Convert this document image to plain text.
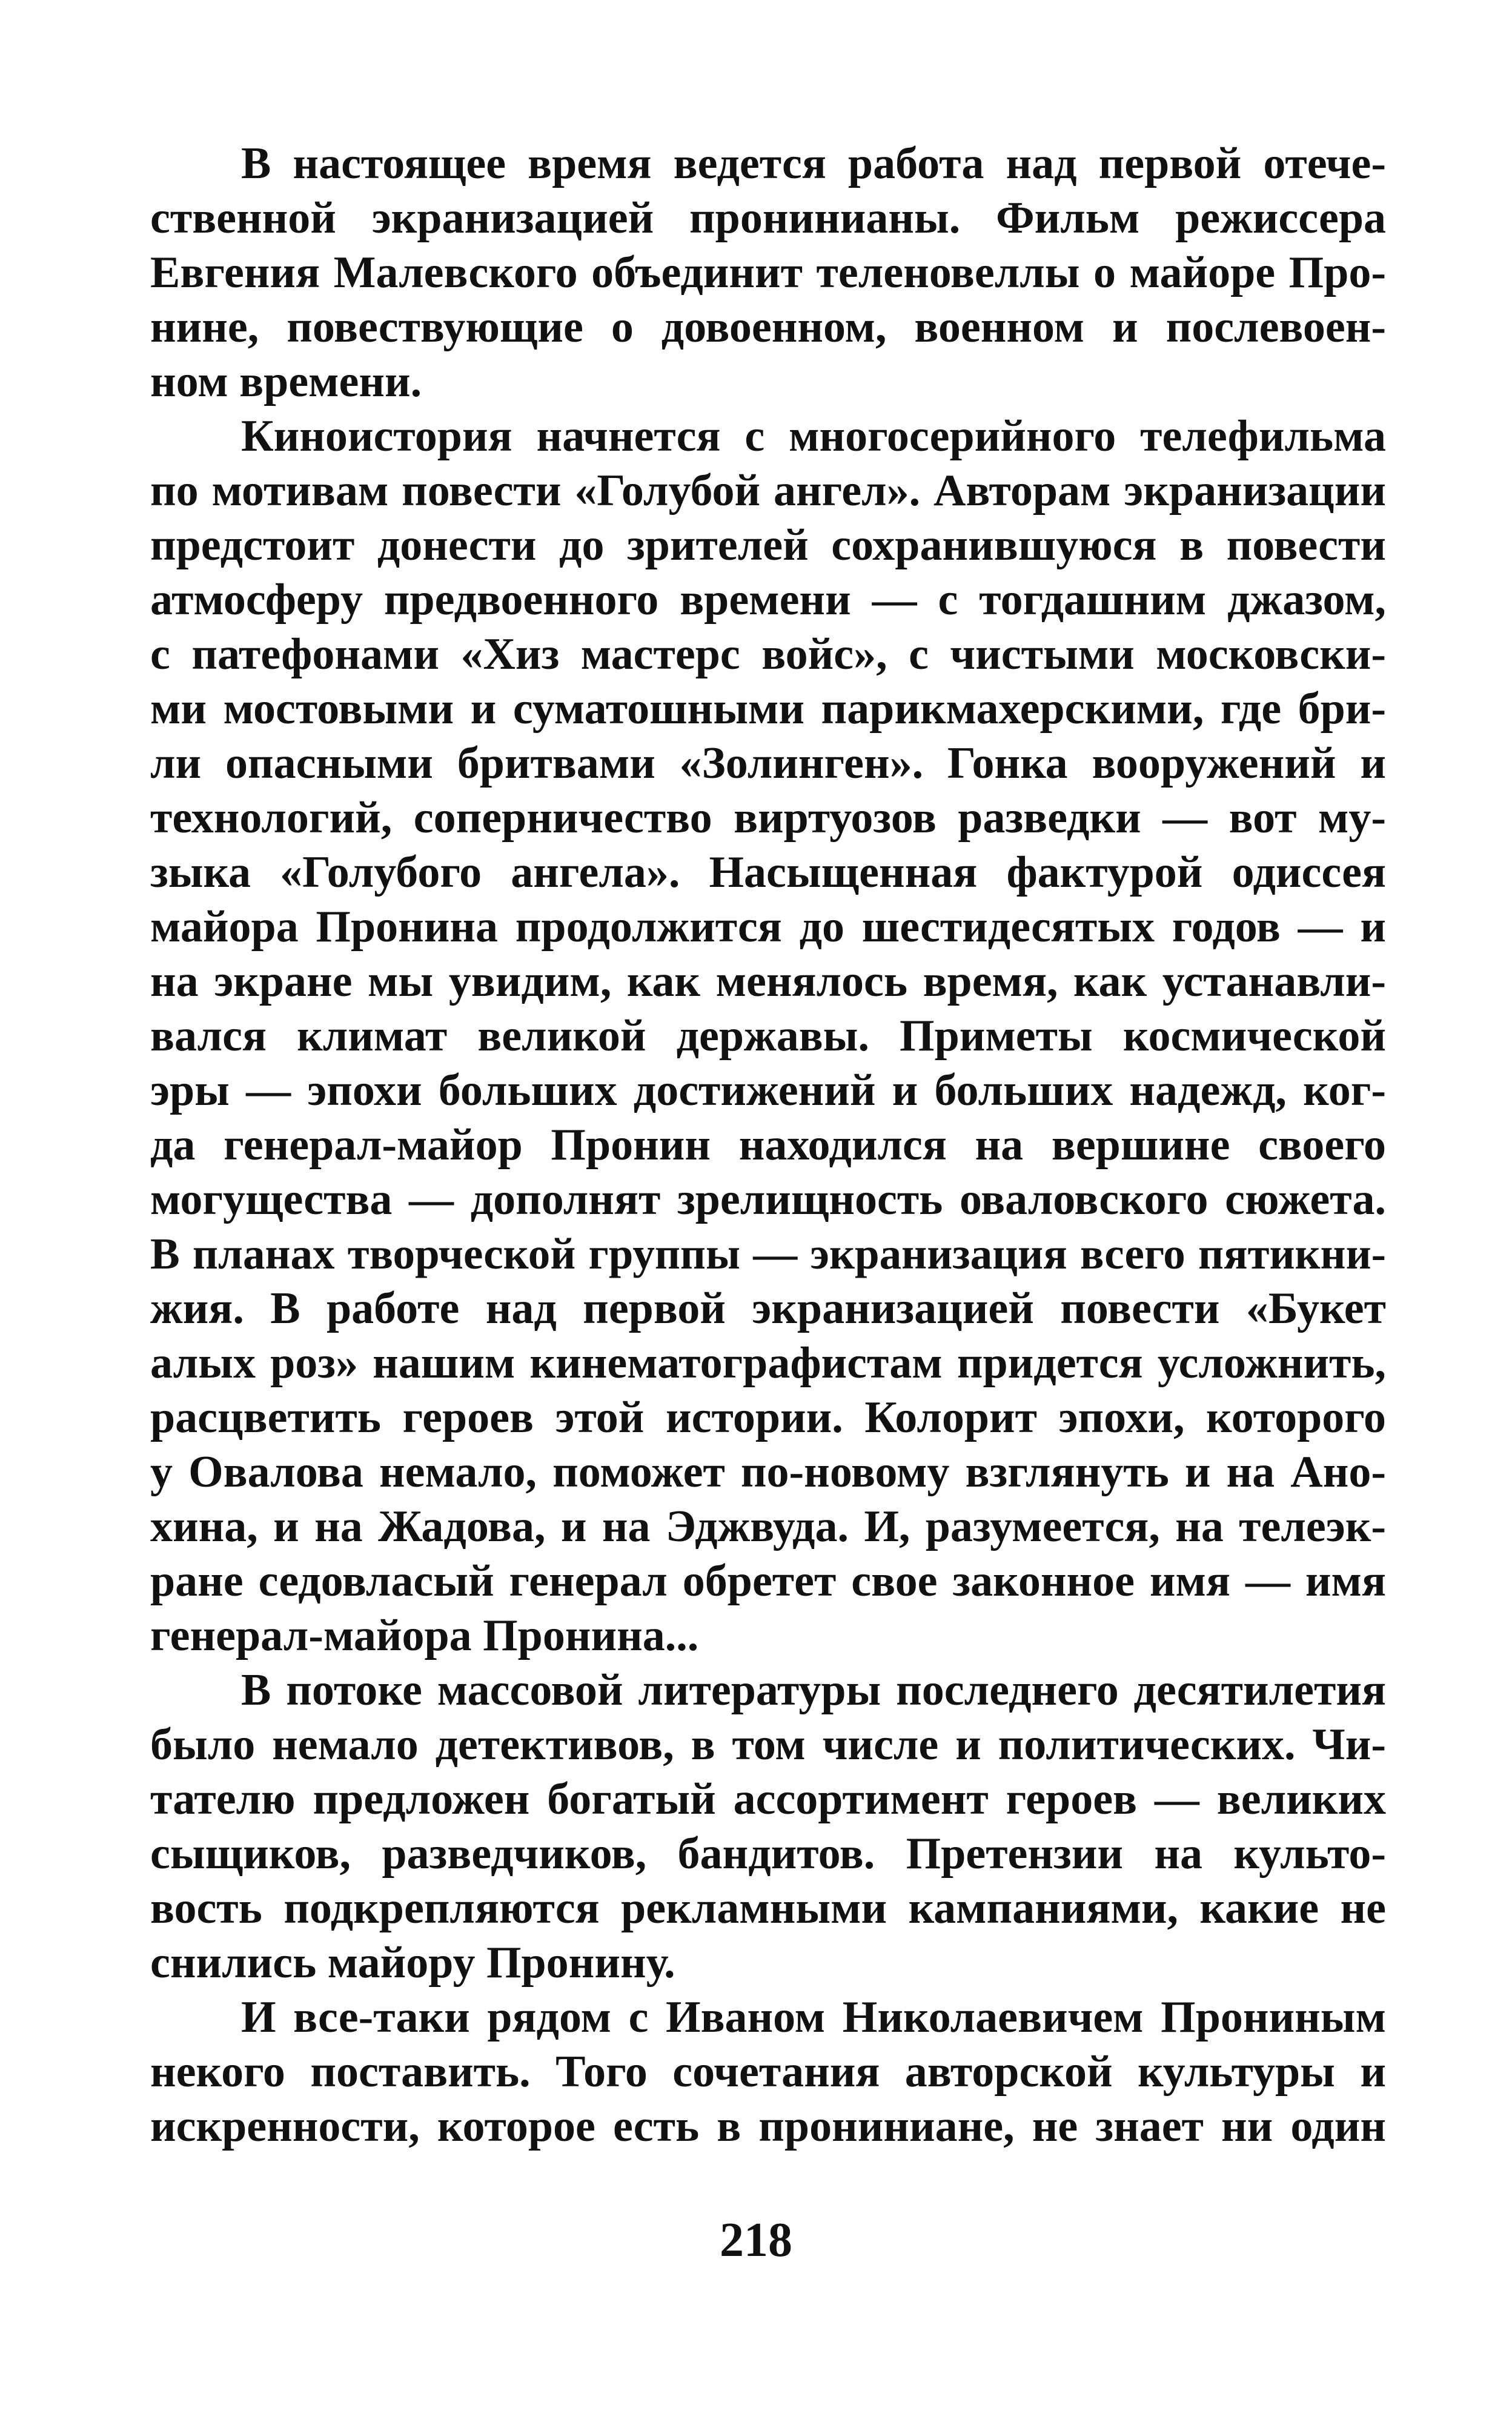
В настоящее время ведется работа над первой отече-
ственной экранизацией пронинианы. Фильм режиссера
Евгения Малевского объединит теленовеллы о майоре Про-
нине, повествующие о довоенном, военном и послевоен-
ном времени.
Киноистория начнется с многосерийного телефильма
по мотивам повести «Голубой ангел». Авторам экранизации
предстоит донести до зрителей сохранившуюся в повести
атмосферу предвоенного времени — с тогдашним джазом,
с патефонами «Хиз мастерс войс», с чистыми московски-
ми мостовыми и суматошными парикмахерскими, где бри-
ли опасными бритвами «Золинген». Гонка вооружений и
технологий, соперничество виртуозов разведки — вот му-
зыка «Голубого ангела». Насыщенная фактурой одиссея
майора Пронина продолжится до шестидесятых годов — и
на экране мы увидим, как менялось время, как устанавли-
вался климат великой державы. Приметы космической
эры — эпохи больших достижений и больших надежд, ког-
да генерал-майор Пронин находился на вершине своего
могущества — дополнят зрелищность оваловского сюжета.
В планах творческой группы — экранизация всего пятикни-
жия. В работе над первой экранизацией повести «Букет
алых роз» нашим кинематографистам придется усложнить,
расцветить героев этой истории. Колорит эпохи, которого
у Овалова немало, поможет по-новому взглянуть и на Ано-
хина, и на Жадова, и на Эджвуда. И, разумеется, на телеэк-
ране седовласый генерал обретет свое законное имя — имя
генерал-майора Пронина...
В потоке массовой литературы последнего десятилетия
было немало детективов, в том числе и политических. Чи-
тателю предложен богатый ассортимент героев — великих
сыщиков, разведчиков, бандитов. Претензии на культо-
вость подкрепляются рекламными кампаниями, какие не
снились майору Пронину.
И все-таки рядом с Иваном Николаевичем Прониным
некого поставить. Того сочетания авторской культуры и
искренности, которое есть в прониниане, не знает ни один
218
